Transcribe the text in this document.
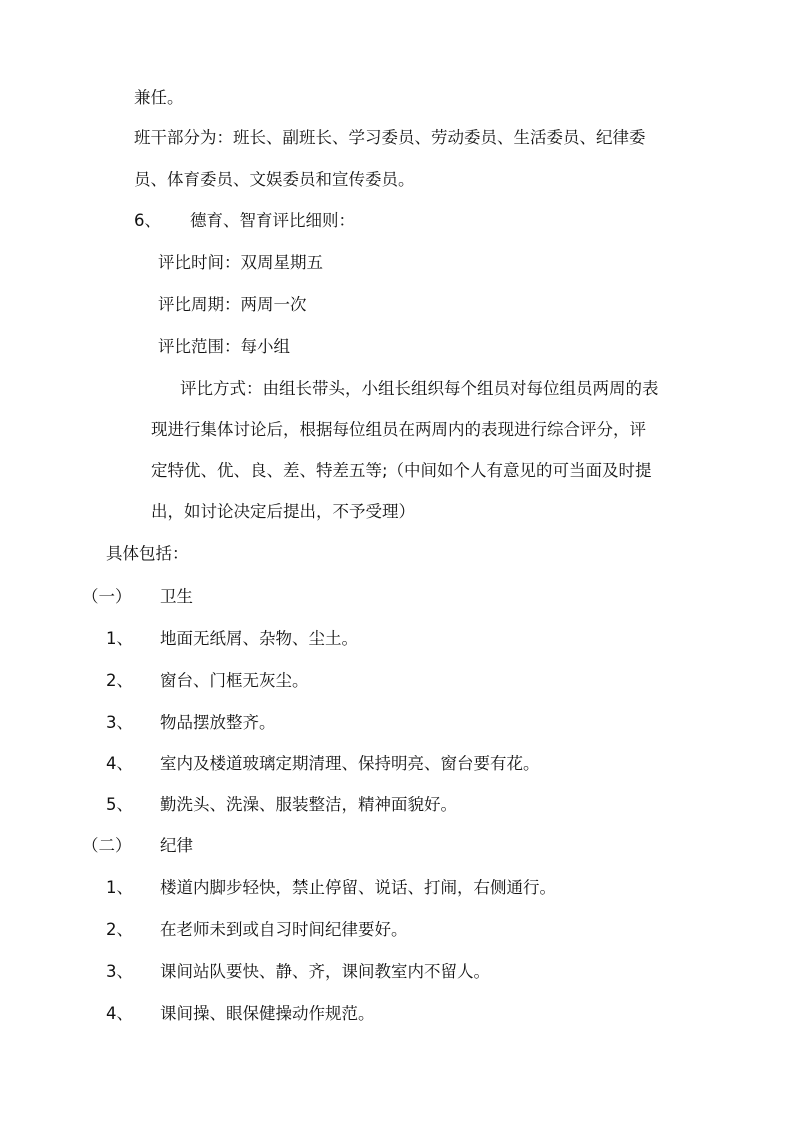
兼任。
班干部分为：班长、副班长、学习委员、劳动委员、生活委员、纪律委
员、体育委员、文娱委员和宣传委员。
6、 德育、智育评比细则：
评比时间：双周星期五
评比周期：两周一次
评比范围：每小组
评比方式：由组长带头，小组长组织每个组员对每位组员两周的表
现进行集体讨论后，根据每位组员在两周内的表现进行综合评分，评
定特优、优、良、差、特差五等;（中间如个人有意见的可当面及时提
出，如讨论决定后提出，不予受理）
具体包括：
（一） 卫生
1、 地面无纸屑、杂物、尘土。
2、 窗台、门框无灰尘。
3、 物品摆放整齐。
4、 室内及楼道玻璃定期清理、保持明亮、窗台要有花。
5、 勤洗头、洗澡、服装整洁，精神面貌好。
（二） 纪律
1、 楼道内脚步轻快，禁止停留、说话、打闹，右侧通行。
2、 在老师未到或自习时间纪律要好。
3、 课间站队要快、静、齐，课间教室内不留人。
4、 课间操、眼保健操动作规范。
